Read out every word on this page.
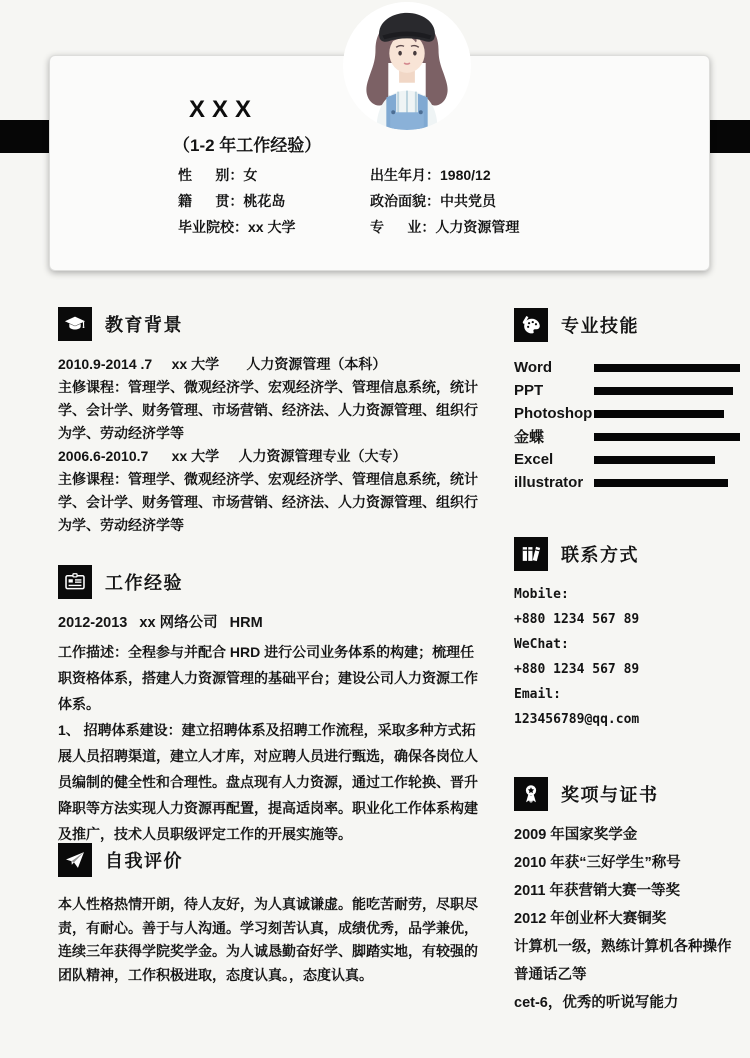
XXX
（1-2 年工作经验）
性      别：女	出生年月：1980/12
籍      贯：桃花岛	政治面貌：中共党员
毕业院校：xx 大学	专      业：人力资源管理
教育背景
2010.9-2014 .7     xx 大学       人力资源管理（本科）
主修课程：管理学、微观经济学、宏观经济学、管理信息系统，统计学、会计学、财务管理、市场营销、经济法、人力资源管理、组织行为学、劳动经济学等
2006.6-2010.7      xx 大学     人力资源管理专业（大专）
主修课程：管理学、微观经济学、宏观经济学、管理信息系统，统计学、会计学、财务管理、市场营销、经济法、人力资源管理、组织行为学、劳动经济学等
工作经验
2012-2013   xx 网络公司   HRM
工作描述：全程参与并配合 HRD 进行公司业务体系的构建；梳理任职资格体系，搭建人力资源管理的基础平台；建设公司人力资源工作体系。
1、 招聘体系建设：建立招聘体系及招聘工作流程，采取多种方式拓展人员招聘渠道，建立人才库，对应聘人员进行甄选，确保各岗位人员编制的健全性和合理性。盘点现有人力资源，通过工作轮换、晋升降职等方法实现人力资源再配置，提高适岗率。职业化工作体系构建及推广，技术人员职级评定工作的开展实施等。
自我评价
本人性格热情开朗，待人友好，为人真诚谦虚。能吃苦耐劳，尽职尽责，有耐心。善于与人沟通。学习刻苦认真，成绩优秀，品学兼优，连续三年获得学院奖学金。为人诚恳勤奋好学、脚踏实地，有较强的团队精神，工作积极进取，态度认真。，态度认真。
专业技能
Word
PPT
Photoshop
金蝶
Excel
illustrator
联系方式
Mobile:
+880 1234 567 89
WeChat:
+880 1234 567 89
Email:
123456789@qq.com
奖项与证书
2009 年国家奖学金
2010 年获“三好学生”称号
2011 年获营销大赛一等奖
2012 年创业杯大赛铜奖
计算机一级，熟练计算机各种操作
普通话乙等
cet-6，优秀的听说写能力
